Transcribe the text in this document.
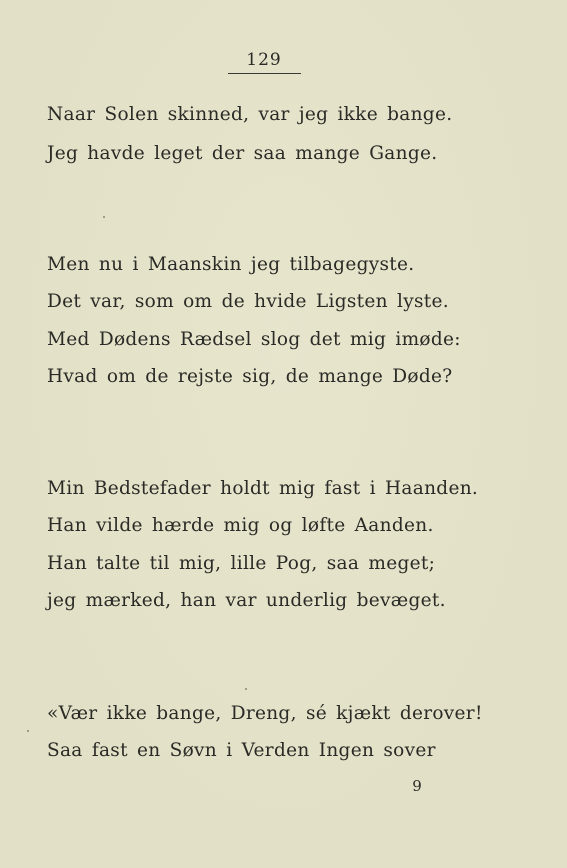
129
Naar Solen skinned, var jeg ikke bange.
Jeg havde leget der saa mange Gange.
Men nu i Maanskin jeg tilbagegyste.
Det var, som om de hvide Ligsten lyste.
Med Dødens Rædsel slog det mig imøde:
Hvad om de rejste sig, de mange Døde?
Min Bedstefader holdt mig fast i Haanden.
Han vilde hærde mig og løfte Aanden.
Han talte til mig, lille Pog, saa meget;
jeg mærked, han var underlig bevæget.
«Vær ikke bange, Dreng, sé kjækt derover!
Saa fast en Søvn i Verden Ingen sover
9
